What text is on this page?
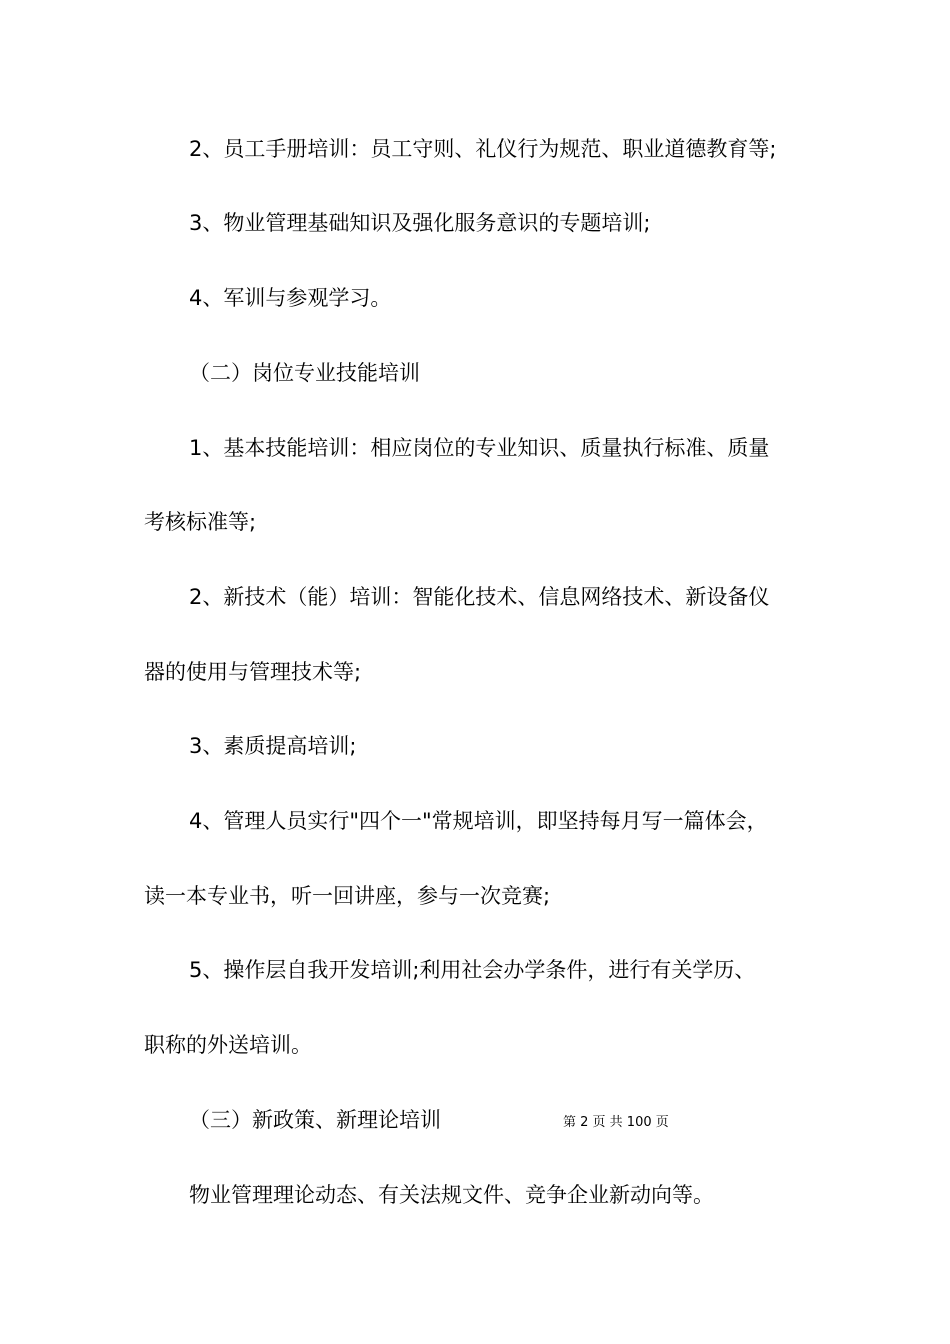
2、员工手册培训：员工守则、礼仪行为规范、职业道德教育等;

3、物业管理基础知识及强化服务意识的专题培训;

4、军训与参观学习。

（二）岗位专业技能培训

1、基本技能培训：相应岗位的专业知识、质量执行标准、质量

考核标准等;

2、新技术（能）培训：智能化技术、信息网络技术、新设备仪

器的使用与管理技术等;

3、素质提高培训;

4、管理人员实行"四个一"常规培训，即坚持每月写一篇体会，

读一本专业书，听一回讲座，参与一次竞赛;

5、操作层自我开发培训;利用社会办学条件，进行有关学历、

职称的外送培训。

（三）新政策、新理论培训

物业管理理论动态、有关法规文件、竞争企业新动向等。

第 2 页 共 100 页
